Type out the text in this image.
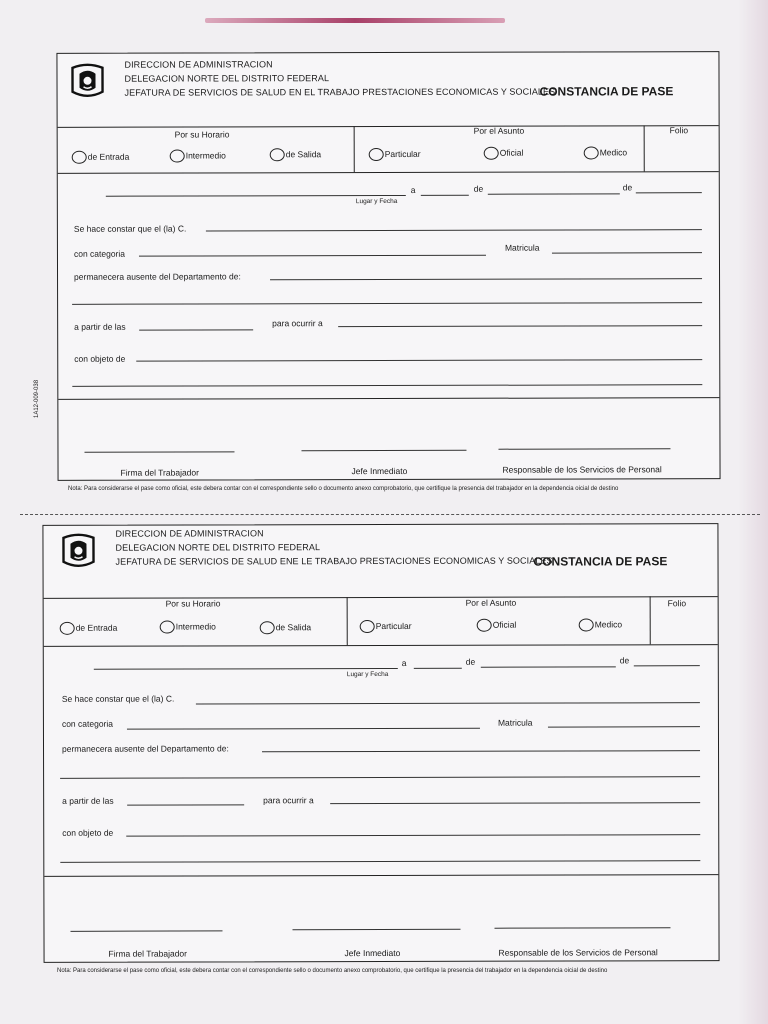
DIRECCION DE ADMINISTRACION
DELEGACION NORTE DEL DISTRITO FEDERAL
JEFATURA DE SERVICIOS DE SALUD EN EL TRABAJO PRESTACIONES ECONOMICAS Y SOCIALES
CONSTANCIA DE PASE
Por su Horario
de Entrada	Intermedio	de Salida
Por el Asunto
Particular	Oficial	Medico
Folio
a	de	de
Lugar y Fecha
Se hace constar que el (la) C.
con categoria
Matricula
permanecera ausente del Departamento de:
a partir de las	para ocurrir a
con objeto de
Firma del Trabajador	Jefe Inmediato	Responsable de los Servicios de Personal
Nota: Para considerarse el pase como oficial, este debera contar con el correspondiente sello o documento anexo comprobatorio, que certifique la presencia del trabajador en la dependencia oicial de destino
1A12-009-038
DIRECCION DE ADMINISTRACION
DELEGACION NORTE DEL DISTRITO FEDERAL
JEFATURA DE SERVICIOS DE SALUD ENE LE TRABAJO PRESTACIONES ECONOMICAS Y SOCIALES
CONSTANCIA DE PASE
Por su Horario
de Entrada	Intermedio	de Salida
Por el Asunto
Particular	Oficial	Medico
Folio
a	de	de
Lugar y Fecha
Se hace constar que el (la) C.
con categoria	Matricula
permanecera ausente del Departamento de:
a partir de las	para ocurrir a
con objeto de
Firma del Trabajador	Jefe Inmediato	Responsable de los Servicios de Personal
Nota: Para considerarse el pase como oficial, este debera contar con el correspondiente sello o documento anexo comprobatorio, que certifique la presencia del trabajador en la dependencia oicial de destino
